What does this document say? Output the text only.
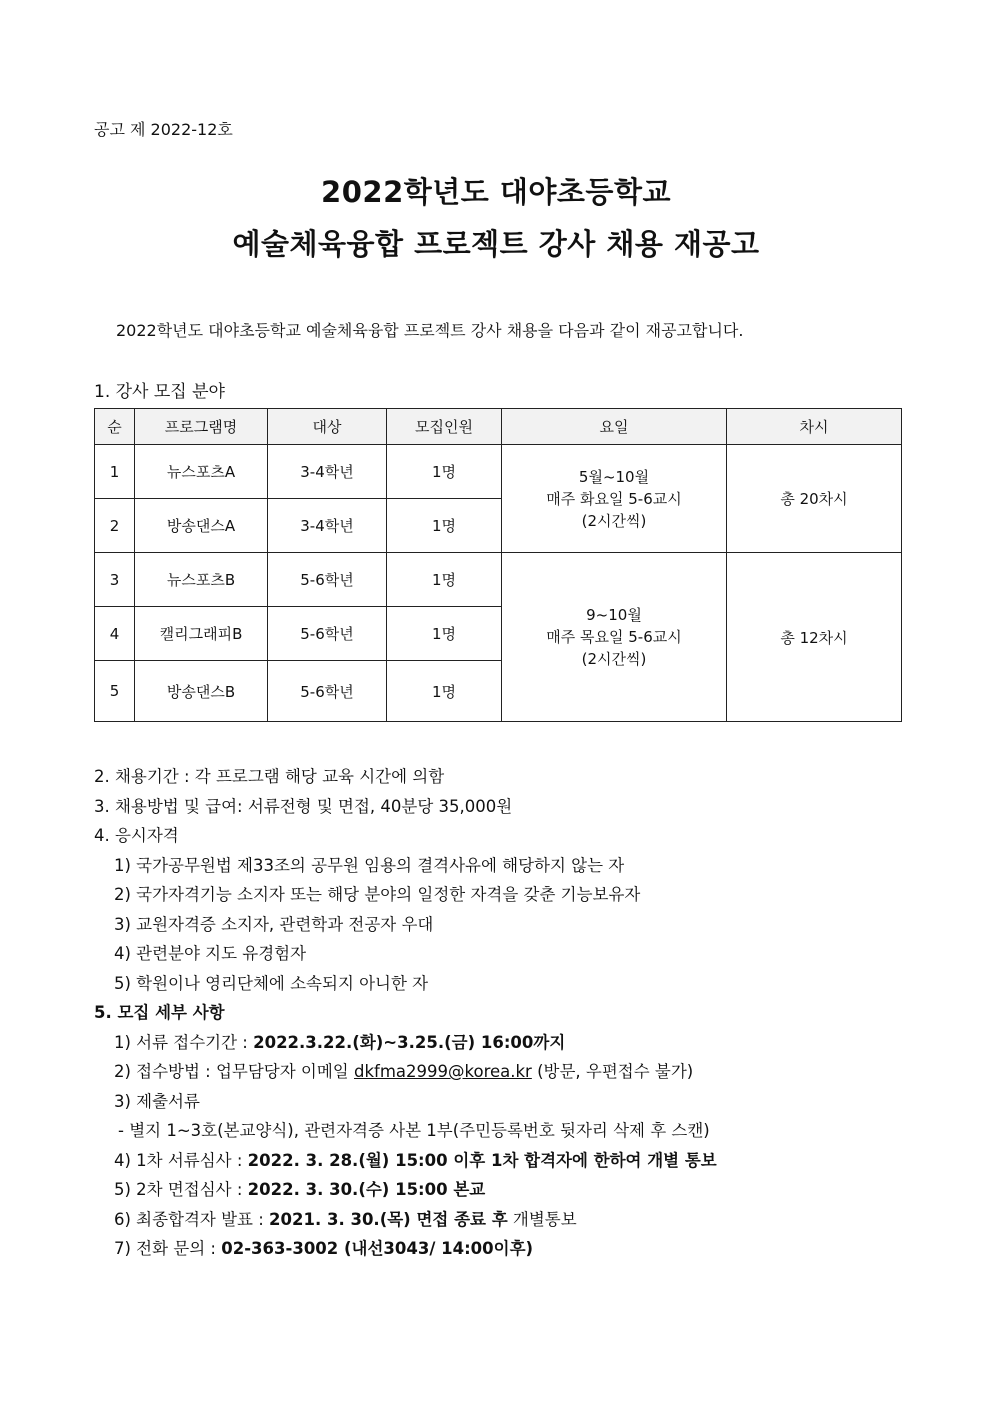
공고 제 2022-12호
2022학년도 대야초등학교
예술체육융합 프로젝트 강사 채용 재공고
2022학년도 대야초등학교 예술체육융합 프로젝트 강사 채용을 다음과 같이 재공고합니다.
1. 강사 모집 분야
순	프로그램명	대상	모집인원	요일	차시
1	뉴스포츠A	3-4학년	1명	5월~10월
매주 화요일 5-6교시
(2시간씩)	총 20차시
2	방송댄스A	3-4학년	1명		
3	뉴스포츠B	5-6학년	1명	9~10월
매주 목요일 5-6교시
(2시간씩)	총 12차시
4	캘리그래피B	5-6학년	1명		
5	방송댄스B	5-6학년	1명		
2. 채용기간 : 각 프로그램 해당 교육 시간에 의함
3. 채용방법 및 급여: 서류전형 및 면접, 40분당 35,000원
4. 응시자격
1) 국가공무원법 제33조의 공무원 임용의 결격사유에 해당하지 않는 자
2) 국가자격기능 소지자 또는 해당 분야의 일정한 자격을 갖춘 기능보유자
3) 교원자격증 소지자, 관련학과 전공자 우대
4) 관련분야 지도 유경험자
5) 학원이나 영리단체에 소속되지 아니한 자
5. 모집 세부 사항
1) 서류 접수기간 : 2022.3.22.(화)~3.25.(금) 16:00까지
2) 접수방법 : 업무담당자 이메일 dkfma2999@korea.kr (방문, 우편접수 불가)
3) 제출서류
- 별지 1~3호(본교양식), 관련자격증 사본 1부(주민등록번호 뒷자리 삭제 후 스캔)
4) 1차 서류심사 : 2022. 3. 28.(월) 15:00 이후 1차 합격자에 한하여 개별 통보
5) 2차 면접심사 : 2022. 3. 30.(수) 15:00 본교
6) 최종합격자 발표 : 2021. 3. 30.(목) 면접 종료 후 개별통보
7) 전화 문의 : 02-363-3002 (내선3043/ 14:00이후)
